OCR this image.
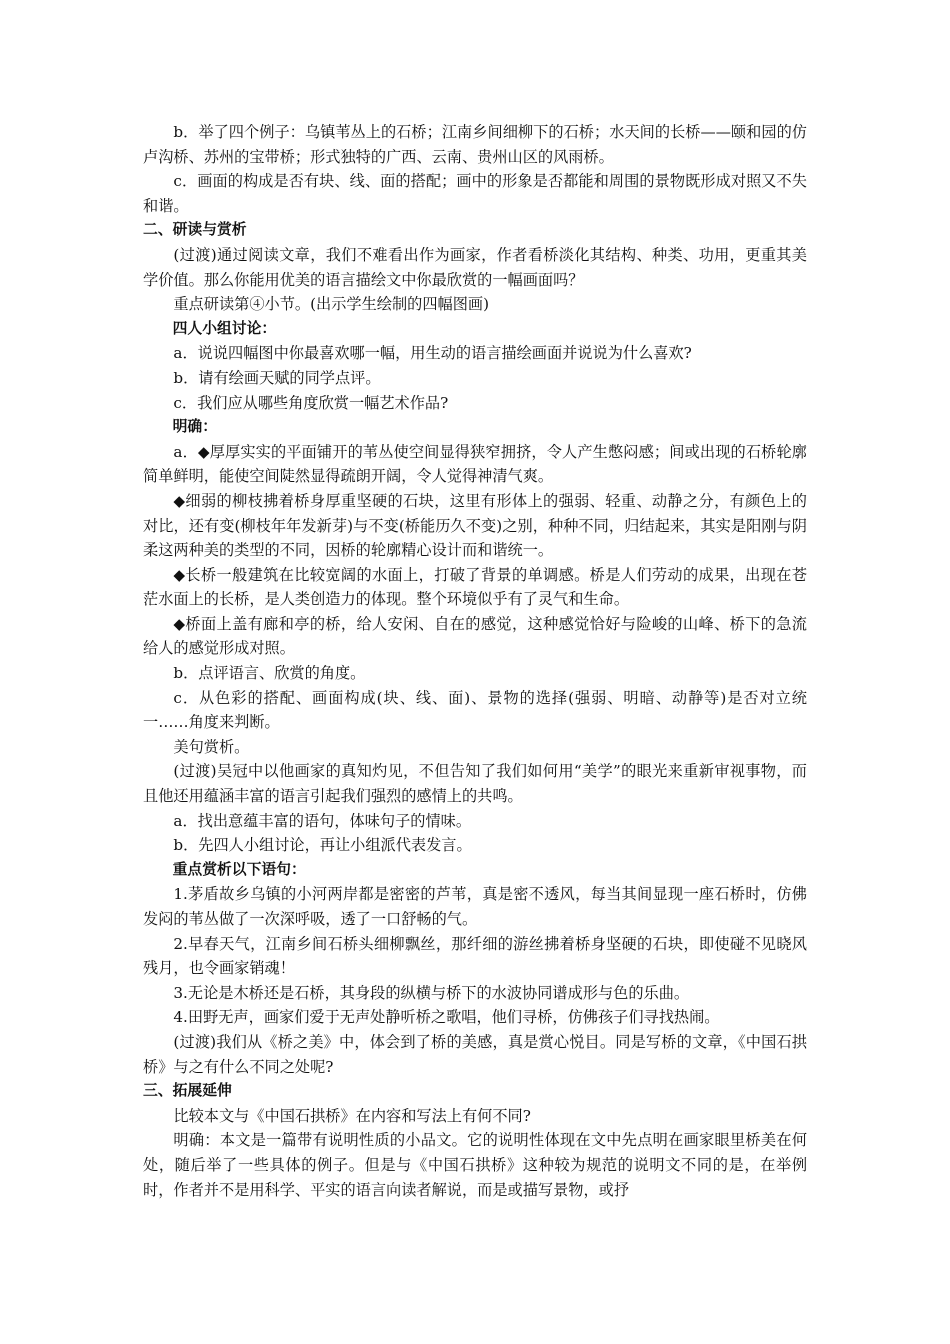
b．举了四个例子：乌镇苇丛上的石桥；江南乡间细柳下的石桥；水天间的长桥——颐和园的仿卢沟桥、苏州的宝带桥；形式独特的广西、云南、贵州山区的风雨桥。

c．画面的构成是否有块、线、面的搭配；画中的形象是否都能和周围的景物既形成对照又不失和谐。

二、研读与赏析

(过渡)通过阅读文章，我们不难看出作为画家，作者看桥淡化其结构、种类、功用，更重其美学价值。那么你能用优美的语言描绘文中你最欣赏的一幅画面吗？

重点研读第④小节。(出示学生绘制的四幅图画)

四人小组讨论：

a．说说四幅图中你最喜欢哪一幅，用生动的语言描绘画面并说说为什么喜欢?

b．请有绘画天赋的同学点评。

c．我们应从哪些角度欣赏一幅艺术作品?

明确：

a．◆厚厚实实的平面铺开的苇丛使空间显得狭窄拥挤，令人产生憋闷感；间或出现的石桥轮廓简单鲜明，能使空间陡然显得疏朗开阔，令人觉得神清气爽。

◆细弱的柳枝拂着桥身厚重坚硬的石块，这里有形体上的强弱、轻重、动静之分，有颜色上的对比，还有变(柳枝年年发新芽)与不变(桥能历久不变)之别，种种不同，归结起来，其实是阳刚与阴柔这两种美的类型的不同，因桥的轮廓精心设计而和谐统一。

◆长桥一般建筑在比较宽阔的水面上，打破了背景的单调感。桥是人们劳动的成果，出现在苍茫水面上的长桥，是人类创造力的体现。整个环境似乎有了灵气和生命。

◆桥面上盖有廊和亭的桥，给人安闲、自在的感觉，这种感觉恰好与险峻的山峰、桥下的急流给人的感觉形成对照。

b．点评语言、欣赏的角度。

c．从色彩的搭配、画面构成(块、线、面)、景物的选择(强弱、明暗、动静等)是否对立统一……角度来判断。

美句赏析。

(过渡)吴冠中以他画家的真知灼见，不但告知了我们如何用“美学”的眼光来重新审视事物，而且他还用蕴涵丰富的语言引起我们强烈的感情上的共鸣。

a．找出意蕴丰富的语句，体味句子的情味。

b．先四人小组讨论，再让小组派代表发言。

重点赏析以下语句：

1.茅盾故乡乌镇的小河两岸都是密密的芦苇，真是密不透风，每当其间显现一座石桥时，仿佛发闷的苇丛做了一次深呼吸，透了一口舒畅的气。

2.早春天气，江南乡间石桥头细柳飘丝，那纤细的游丝拂着桥身坚硬的石块，即使碰不见晓风残月，也令画家销魂！

3.无论是木桥还是石桥，其身段的纵横与桥下的水波协同谱成形与色的乐曲。

4.田野无声，画家们爱于无声处静听桥之歌唱，他们寻桥，仿佛孩子们寻找热闹。

(过渡)我们从《桥之美》中，体会到了桥的美感，真是赏心悦目。同是写桥的文章，《中国石拱桥》与之有什么不同之处呢?

三、拓展延伸

比较本文与《中国石拱桥》在内容和写法上有何不同?

明确：本文是一篇带有说明性质的小品文。它的说明性体现在文中先点明在画家眼里桥美在何处，随后举了一些具体的例子。但是与《中国石拱桥》这种较为规范的说明文不同的是，在举例时，作者并不是用科学、平实的语言向读者解说，而是或描写景物，或抒
